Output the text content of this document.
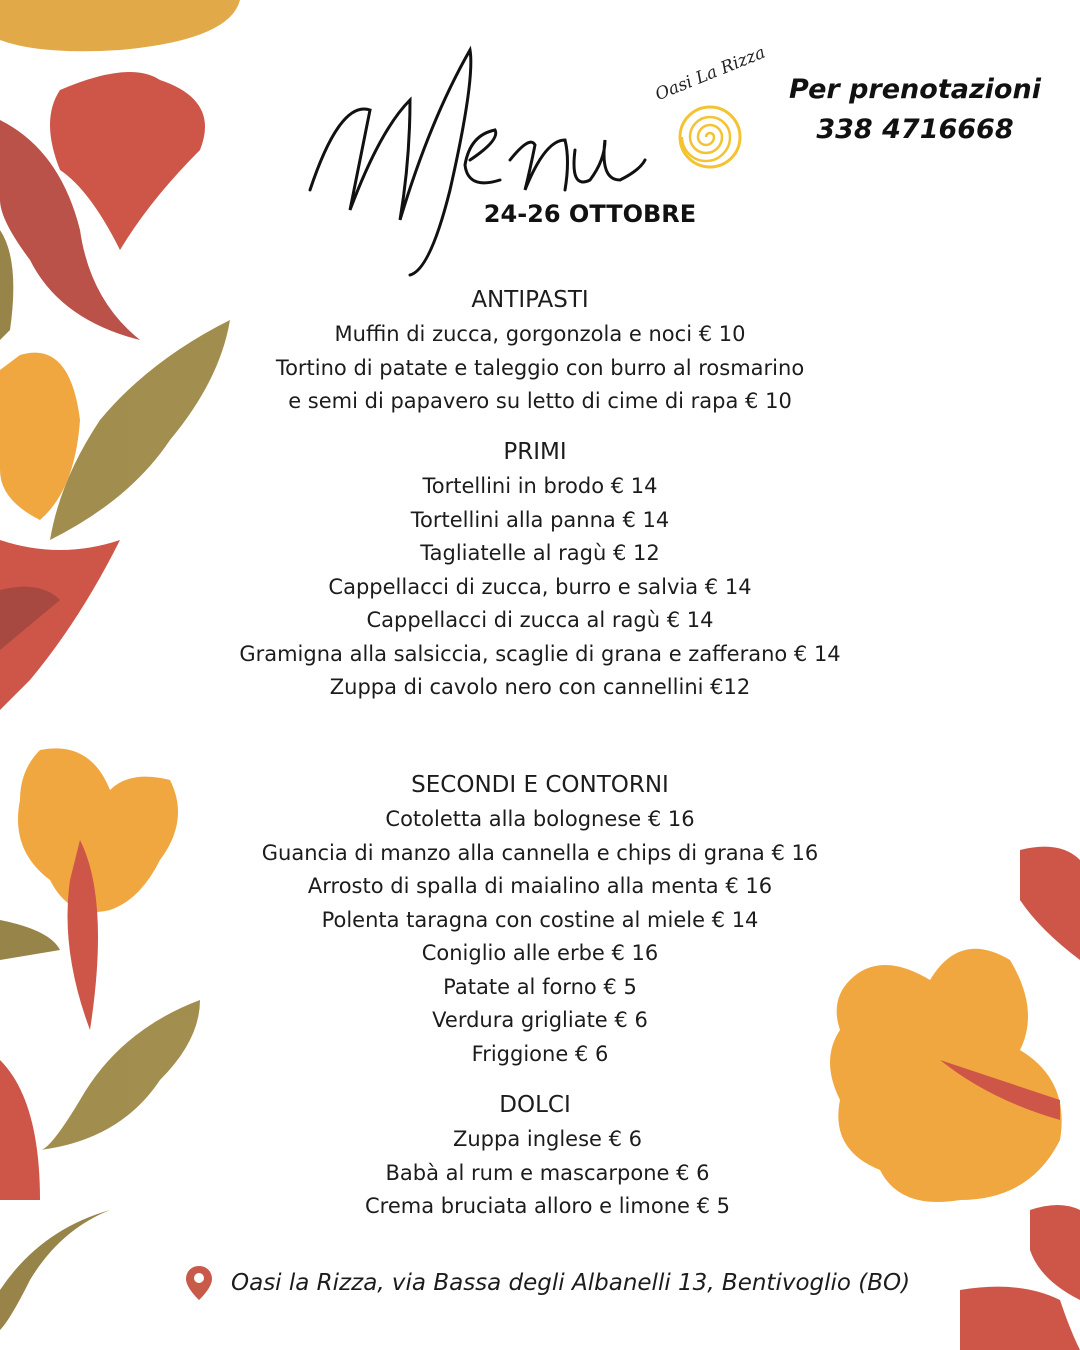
Oasi La Rizza Per prenotazioni
338 4716668
24-26 OTTOBRE
ANTIPASTI
Muffin di zucca, gorgonzola e noci € 10
Tortino di patate e taleggio con burro al rosmarino
e semi di papavero su letto di cime di rapa € 10
PRIMI
Tortellini in brodo € 14
Tortellini alla panna € 14
Tagliatelle al ragù € 12
Cappellacci di zucca, burro e salvia € 14
Cappellacci di zucca al ragù € 14
Gramigna alla salsiccia, scaglie di grana e zafferano € 14
Zuppa di cavolo nero con cannellini €12
SECONDI E CONTORNI
Cotoletta alla bolognese € 16
Guancia di manzo alla cannella e chips di grana € 16
Arrosto di spalla di maialino alla menta € 16
Polenta taragna con costine al miele € 14
Coniglio alle erbe € 16
Patate al forno € 5
Verdura grigliate € 6
Friggione € 6
DOLCI
Zuppa inglese € 6
Babà al rum e mascarpone € 6
Crema bruciata alloro e limone € 5
Oasi la Rizza, via Bassa degli Albanelli 13, Bentivoglio (BO)
